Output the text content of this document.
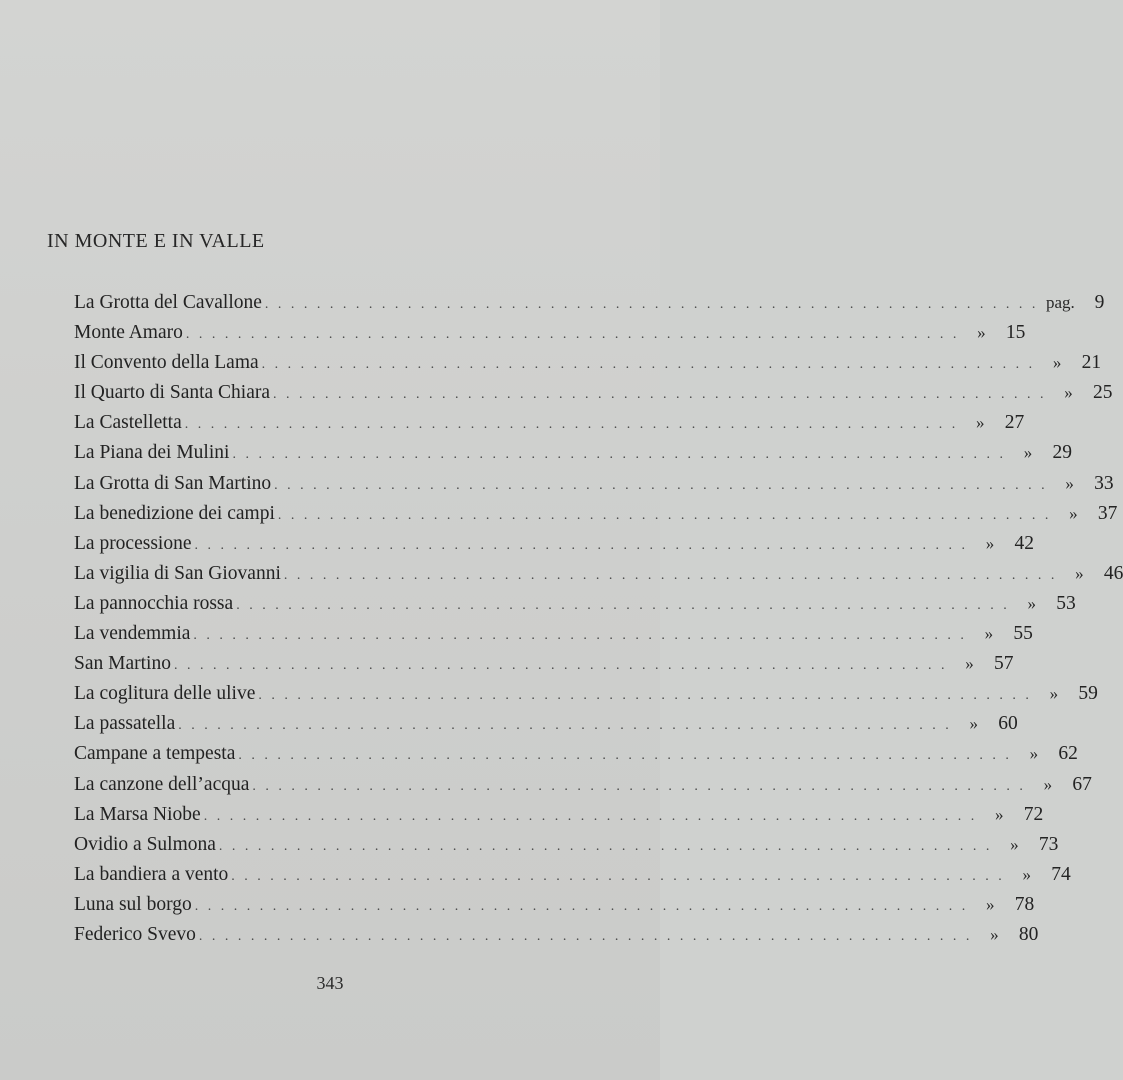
IN MONTE E IN VALLE
La Grotta del Cavallone . . . . . . . . . . . . . . . . . . . . . . . . . . . . . . . . . . . . . . . . . . . . . . . . . . . . . . . . . . . . pag.	9
Monte Amaro . . . . . . . . . . . . . . . . . . . . . . . . . . . . . . . . . . . . . . . . . . . . . . . . . . . . . . . . . . . .	»	15
Il Convento della Lama . . . . . . . . . . . . . . . . . . . . . . . . . . . . . . . . . . . . . . . . . . . . . . . . . . . . . . . . . . . .	»	21
Il Quarto di Santa Chiara . . . . . . . . . . . . . . . . . . . . . . . . . . . . . . . . . . . . . . . . . . . . . . . . . . . . . . . . . . . .	»	25
La Castelletta . . . . . . . . . . . . . . . . . . . . . . . . . . . . . . . . . . . . . . . . . . . . . . . . . . . . . . . . . . . .	»	27
La Piana dei Mulini . . . . . . . . . . . . . . . . . . . . . . . . . . . . . . . . . . . . . . . . . . . . . . . . . . . . . . . . . . . .	»	29
La Grotta di San Martino . . . . . . . . . . . . . . . . . . . . . . . . . . . . . . . . . . . . . . . . . . . . . . . . . . . . . . . . . . . .	»	33
La benedizione dei campi . . . . . . . . . . . . . . . . . . . . . . . . . . . . . . . . . . . . . . . . . . . . . . . . . . . . . . . . . . . .	»	37
La processione . . . . . . . . . . . . . . . . . . . . . . . . . . . . . . . . . . . . . . . . . . . . . . . . . . . . . . . . . . . .	»	42
La vigilia di San Giovanni . . . . . . . . . . . . . . . . . . . . . . . . . . . . . . . . . . . . . . . . . . . . . . . . . . . . . . . . . . . .	»	46
La pannocchia rossa . . . . . . . . . . . . . . . . . . . . . . . . . . . . . . . . . . . . . . . . . . . . . . . . . . . . . . . . . . . .	»	53
La vendemmia . . . . . . . . . . . . . . . . . . . . . . . . . . . . . . . . . . . . . . . . . . . . . . . . . . . . . . . . . . . .	»	55
San Martino . . . . . . . . . . . . . . . . . . . . . . . . . . . . . . . . . . . . . . . . . . . . . . . . . . . . . . . . . . . .	»	57
La coglitura delle ulive . . . . . . . . . . . . . . . . . . . . . . . . . . . . . . . . . . . . . . . . . . . . . . . . . . . . . . . . . . . .	»	59
La passatella . . . . . . . . . . . . . . . . . . . . . . . . . . . . . . . . . . . . . . . . . . . . . . . . . . . . . . . . . . . .	»	60
Campane a tempesta . . . . . . . . . . . . . . . . . . . . . . . . . . . . . . . . . . . . . . . . . . . . . . . . . . . . . . . . . . . .	»	62
La canzone dell’acqua . . . . . . . . . . . . . . . . . . . . . . . . . . . . . . . . . . . . . . . . . . . . . . . . . . . . . . . . . . . .	»	67
La Marsa Niobe . . . . . . . . . . . . . . . . . . . . . . . . . . . . . . . . . . . . . . . . . . . . . . . . . . . . . . . . . . . .	»	72
Ovidio a Sulmona . . . . . . . . . . . . . . . . . . . . . . . . . . . . . . . . . . . . . . . . . . . . . . . . . . . . . . . . . . . .	»	73
La bandiera a vento . . . . . . . . . . . . . . . . . . . . . . . . . . . . . . . . . . . . . . . . . . . . . . . . . . . . . . . . . . . .	»	74
Luna sul borgo . . . . . . . . . . . . . . . . . . . . . . . . . . . . . . . . . . . . . . . . . . . . . . . . . . . . . . . . . . . .	»	78
Federico Svevo . . . . . . . . . . . . . . . . . . . . . . . . . . . . . . . . . . . . . . . . . . . . . . . . . . . . . . . . . . . .	»	80
343
